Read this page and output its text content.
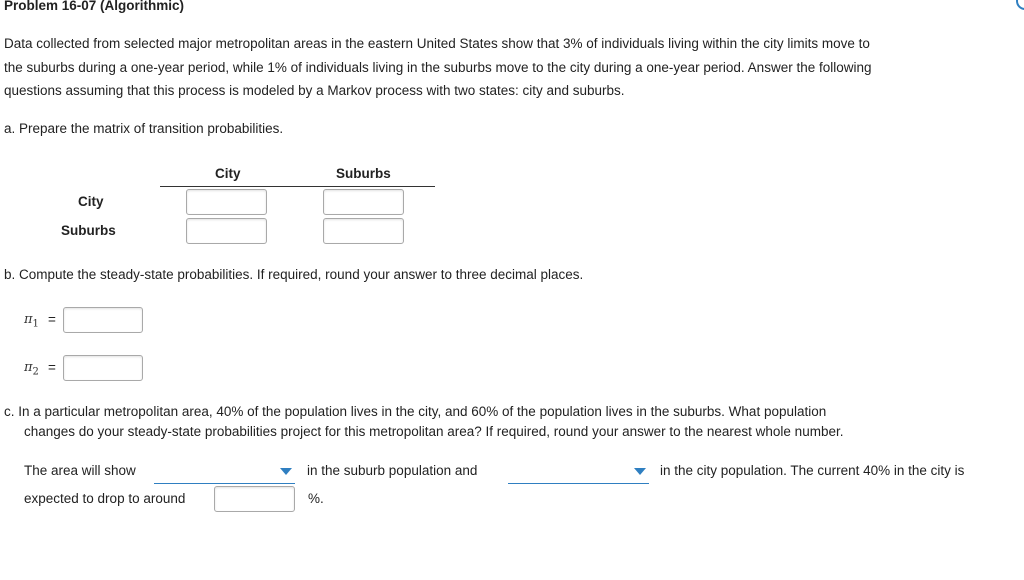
Problem 16-07 (Algorithmic)
Data collected from selected major metropolitan areas in the eastern United States show that 3% of individuals living within the city limits move to
the suburbs during a one-year period, while 1% of individuals living in the suburbs move to the city during a one-year period. Answer the following
questions assuming that this process is modeled by a Markov process with two states: city and suburbs.
a. Prepare the matrix of transition probabilities.
City	Suburbs
City
Suburbs
b. Compute the steady-state probabilities. If required, round your answer to three decimal places.
$\pi_1$ =
$\pi_2$ =
c. In a particular metropolitan area, 40% of the population lives in the city, and 60% of the population lives in the suburbs. What population
changes do your steady-state probabilities project for this metropolitan area? If required, round your answer to the nearest whole number.
The area will show	in the suburb population and	in the city population. The current 40% in the city is
expected to drop to around	%.
